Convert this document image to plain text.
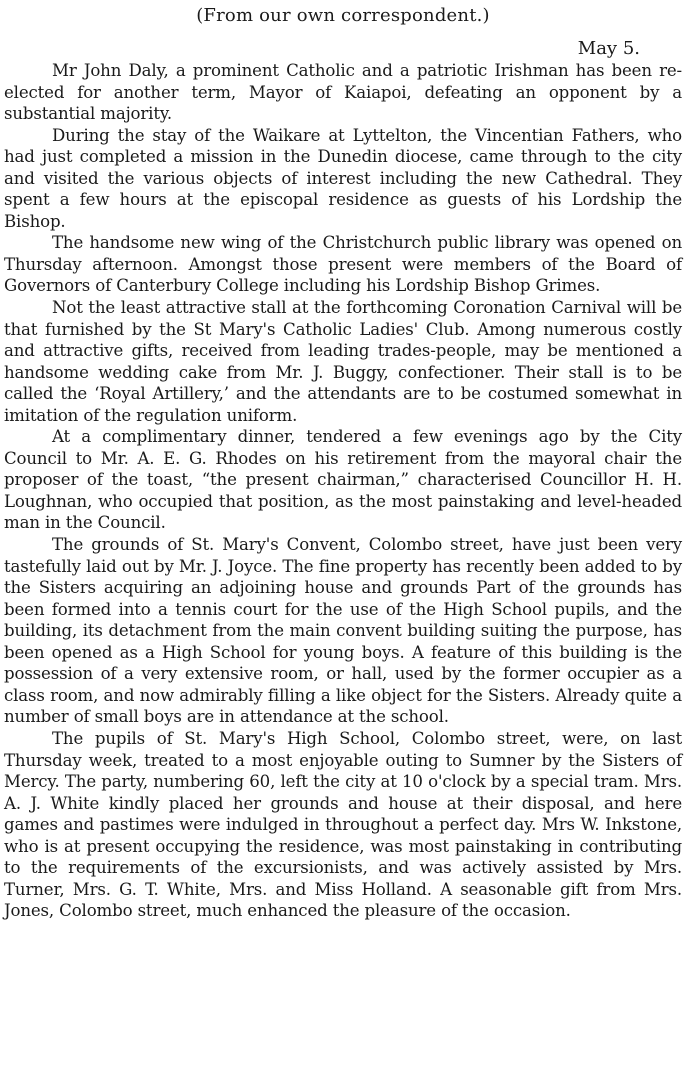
(From our own correspondent.)
May 5.

Mr John Daly, a prominent Catholic and a patriotic Irishman has been re-elected for another term, Mayor of Kaiapoi, defeating an opponent by a substantial majority.

During the stay of the Waikare at Lyttelton, the Vincentian Fathers, who had just completed a mission in the Dunedin diocese, came through to the city and visited the various objects of interest including the new Cathedral. They spent a few hours at the episcopal residence as guests of his Lordship the Bishop.

The handsome new wing of the Christchurch public library was opened on Thursday afternoon. Amongst those present were members of the Board of Governors of Canterbury College including his Lordship Bishop Grimes.

Not the least attractive stall at the forthcoming Coronation Carnival will be that furnished by the St Mary's Catholic Ladies' Club. Among numerous costly and attractive gifts, received from leading trades-people, may be mentioned a handsome wedding cake from Mr. J. Buggy, confectioner. Their stall is to be called the ‘Royal Artillery,’ and the attendants are to be costumed somewhat in imitation of the regulation uniform.

At a complimentary dinner, tendered a few evenings ago by the City Council to Mr. A. E. G. Rhodes on his retirement from the mayoral chair the proposer of the toast, “the present chairman,” characterised Councillor H. H. Loughnan, who occupied that position, as the most painstaking and level-headed man in the Council.

The grounds of St. Mary's Convent, Colombo street, have just been very tastefully laid out by Mr. J. Joyce. The fine property has recently been added to by the Sisters acquiring an adjoining house and grounds Part of the grounds has been formed into a tennis court for the use of the High School pupils, and the building, its detachment from the main convent building suiting the purpose, has been opened as a High School for young boys. A feature of this building is the possession of a very extensive room, or hall, used by the former occupier as a class room, and now admirably filling a like object for the Sisters. Already quite a number of small boys are in attendance at the school.

The pupils of St. Mary's High School, Colombo street, were, on last Thursday week, treated to a most enjoyable outing to Sumner by the Sisters of Mercy. The party, numbering 60, left the city at 10 o'clock by a special tram. Mrs. A. J. White kindly placed her grounds and house at their disposal, and here games and pastimes were indulged in throughout a perfect day. Mrs W. Inkstone, who is at present occupying the residence, was most painstaking in contributing to the requirements of the excursionists, and was actively assisted by Mrs. Turner, Mrs. G. T. White, Mrs. and Miss Holland. A seasonable gift from Mrs. Jones, Colombo street, much enhanced the pleasure of the occasion.
